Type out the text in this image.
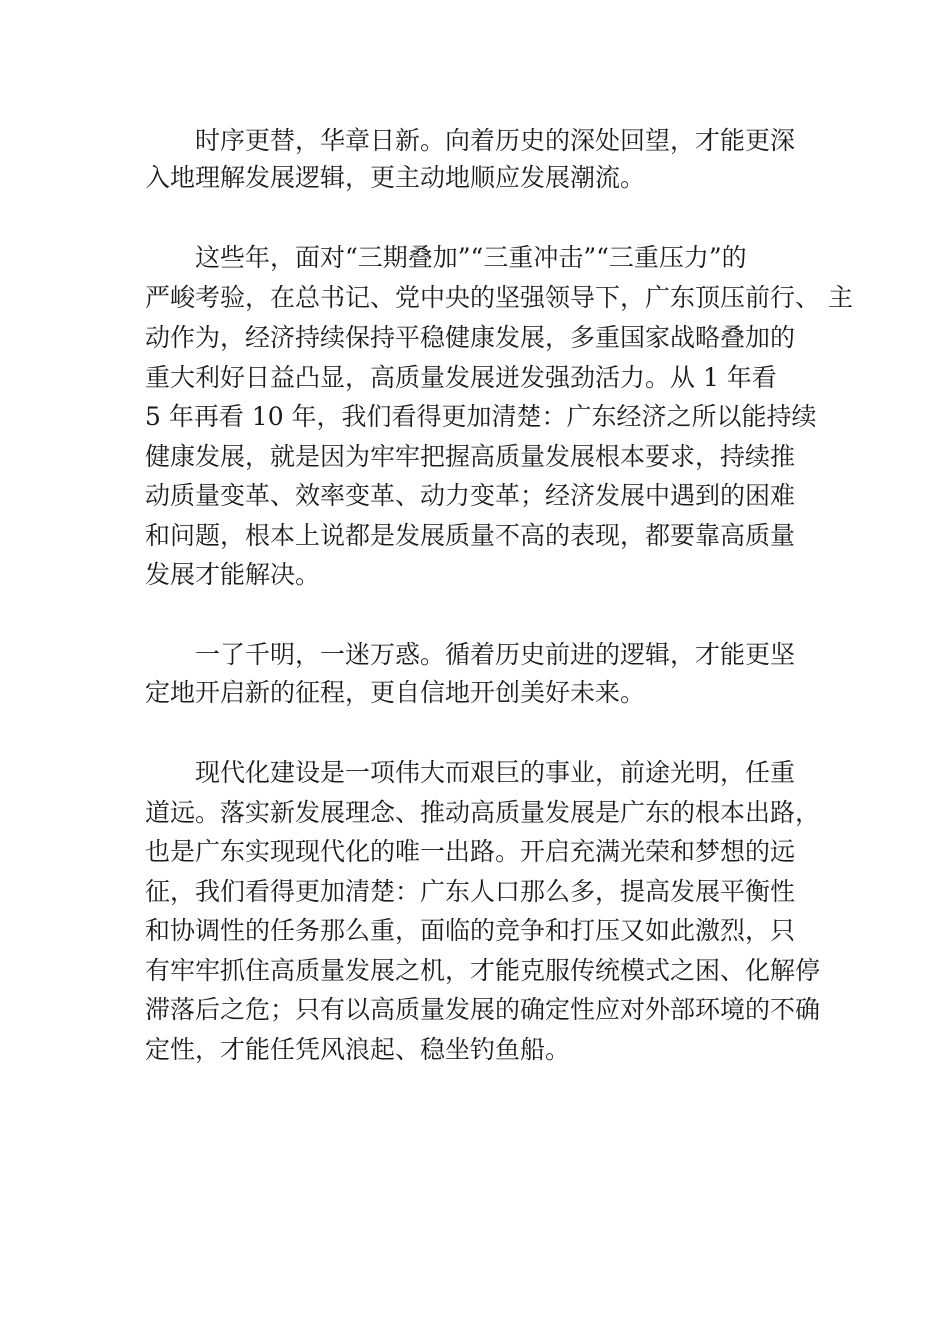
时序更替，华章日新。向着历史的深处回望，才能更深
入地理解发展逻辑，更主动地顺应发展潮流。
这些年，面对“三期叠加”“三重冲击”“三重压力”的
严峻考验，在总书记、党中央的坚强领导下，广东顶压前行、 主
动作为，经济持续保持平稳健康发展，多重国家战略叠加的
重大利好日益凸显，高质量发展迸发强劲活力。从 1 年看
5 年再看 10 年，我们看得更加清楚：广东经济之所以能持续
健康发展，就是因为牢牢把握高质量发展根本要求，持续推
动质量变革、效率变革、动力变革；经济发展中遇到的困难
和问题，根本上说都是发展质量不高的表现，都要靠高质量
发展才能解决。
一了千明，一迷万惑。循着历史前进的逻辑，才能更坚
定地开启新的征程，更自信地开创美好未来。
现代化建设是一项伟大而艰巨的事业，前途光明，任重
道远。落实新发展理念、推动高质量发展是广东的根本出路，
也是广东实现现代化的唯一出路。开启充满光荣和梦想的远
征，我们看得更加清楚：广东人口那么多，提高发展平衡性
和协调性的任务那么重，面临的竞争和打压又如此激烈，只
有牢牢抓住高质量发展之机，才能克服传统模式之困、化解停
滞落后之危；只有以高质量发展的确定性应对外部环境的不确
定性，才能任凭风浪起、稳坐钓鱼船。
